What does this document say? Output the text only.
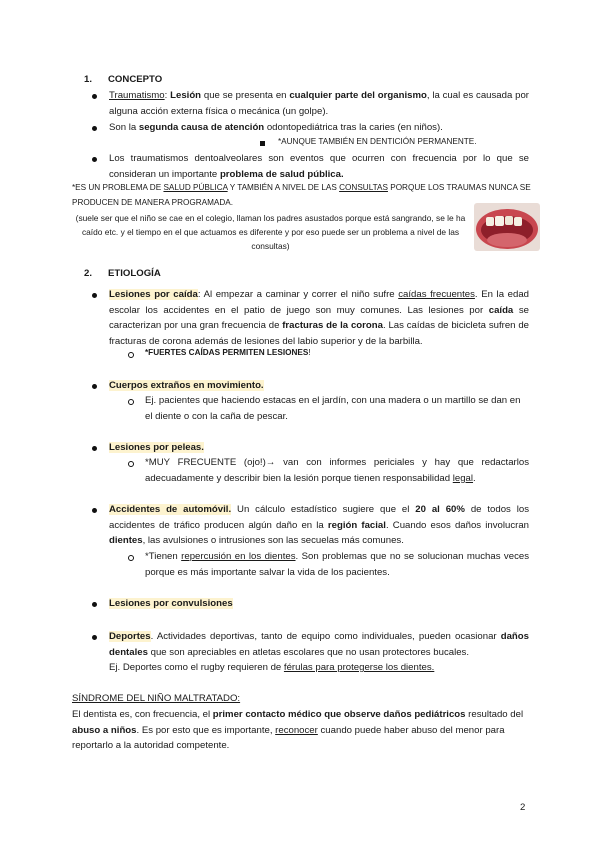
1. CONCEPTO
Traumatismo: Lesión que se presenta en cualquier parte del organismo, la cual es causada por alguna acción externa física o mecánica (un golpe).
Son la segunda causa de atención odontopediátrica tras la caries (en niños).
*AUNQUE TAMBIÉN EN DENTICIÓN PERMANENTE.
Los traumatismos dentoalveolares son eventos que ocurren con frecuencia por lo que se consideran un importante problema de salud pública.
*ES UN PROBLEMA DE SALUD PÚBLICA Y TAMBIÉN A NIVEL DE LAS CONSULTAS PORQUE LOS TRAUMAS NUNCA SE PRODUCEN DE MANERA PROGRAMADA.
(suele ser que el niño se cae en el colegio, llaman los padres asustados porque está sangrando, se le ha caído etc. y el tiempo en el que actuamos es diferente y por eso puede ser un problema a nivel de las consultas)
2. ETIOLOGÍA
Lesiones por caída: Al empezar a caminar y correr el niño sufre caídas frecuentes. En la edad escolar los accidentes en el patio de juego son muy comunes. Las lesiones por caída se caracterizan por una gran frecuencia de fracturas de la corona. Las caídas de bicicleta sufren de fracturas de corona además de lesiones del labio superior y de la barbilla.
*FUERTES CAÍDAS PERMITEN LESIONES!
Cuerpos extraños en movimiento.
Ej. pacientes que haciendo estacas en el jardín, con una madera o un martillo se dan en el diente o con la caña de pescar.
Lesiones por peleas.
*MUY FRECUENTE (ojo!)→ van con informes periciales y hay que redactarlos adecuadamente y describir bien la lesión porque tienen responsabilidad legal.
Accidentes de automóvil. Un cálculo estadístico sugiere que el 20 al 60% de todos los accidentes de tráfico producen algún daño en la región facial. Cuando esos daños involucran dientes, las avulsiones o intrusiones son las secuelas más comunes.
*Tienen repercusión en los dientes. Son problemas que no se solucionan muchas veces porque es más importante salvar la vida de los pacientes.
Lesiones por convulsiones
Deportes. Actividades deportivas, tanto de equipo como individuales, pueden ocasionar daños dentales que son apreciables en atletas escolares que no usan protectores bucales.
Ej. Deportes como el rugby requieren de férulas para protegerse los dientes.
SÍNDROME DEL NIÑO MALTRATADO:
El dentista es, con frecuencia, el primer contacto médico que observe daños pediátricos resultado del abuso a niños. Es por esto que es importante, reconocer cuando puede haber abuso del menor para reportarlo a la autoridad competente.
2
